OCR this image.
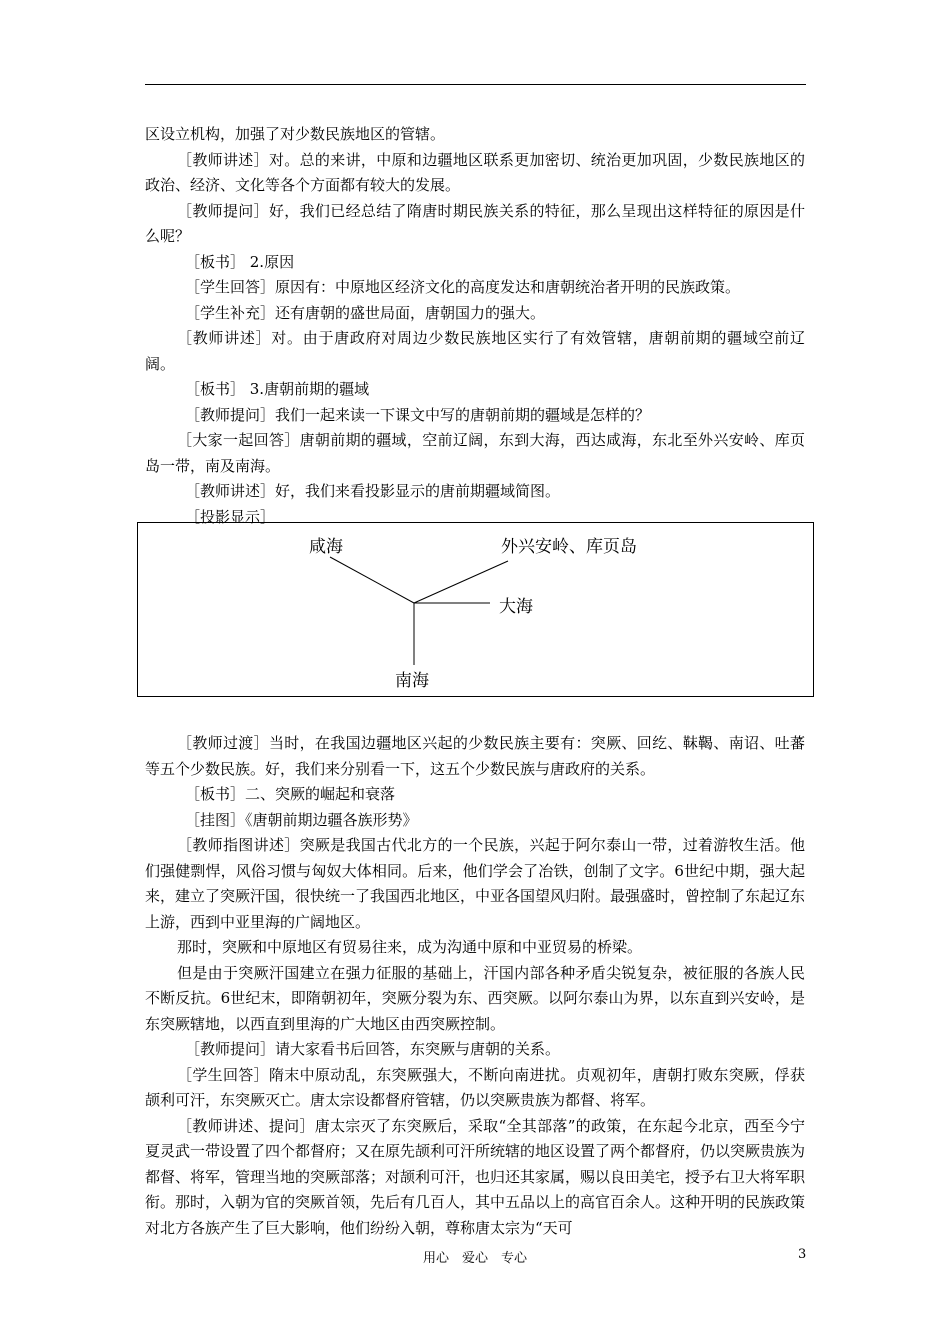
区设立机构，加强了对少数民族地区的管辖。

［教师讲述］对。总的来讲，中原和边疆地区联系更加密切、统治更加巩固，少数民族地区的政治、经济、文化等各个方面都有较大的发展。

［教师提问］好，我们已经总结了隋唐时期民族关系的特征，那么呈现出这样特征的原因是什么呢？

［板书］ 2.原因

［学生回答］原因有：中原地区经济文化的高度发达和唐朝统治者开明的民族政策。

［学生补充］还有唐朝的盛世局面，唐朝国力的强大。

［教师讲述］对。由于唐政府对周边少数民族地区实行了有效管辖，唐朝前期的疆域空前辽阔。

［板书］ 3.唐朝前期的疆域

［教师提问］我们一起来读一下课文中写的唐朝前期的疆域是怎样的？

［大家一起回答］唐朝前期的疆域，空前辽阔，东到大海，西达咸海，东北至外兴安岭、库页岛一带，南及南海。

［教师讲述］好，我们来看投影显示的唐前期疆域简图。

［投影显示］

［教师过渡］当时，在我国边疆地区兴起的少数民族主要有：突厥、回纥、靺鞨、南诏、吐蕃等五个少数民族。好，我们来分别看一下，这五个少数民族与唐政府的关系。

［板书］二、突厥的崛起和衰落

［挂图］《唐朝前期边疆各族形势》

［教师指图讲述］突厥是我国古代北方的一个民族，兴起于阿尔泰山一带，过着游牧生活。他们强健剽悍，风俗习惯与匈奴大体相同。后来，他们学会了冶铁，创制了文字。6世纪中期，强大起来，建立了突厥汗国，很快统一了我国西北地区，中亚各国望风归附。最强盛时，曾控制了东起辽东上游，西到中亚里海的广阔地区。

那时，突厥和中原地区有贸易往来，成为沟通中原和中亚贸易的桥梁。

但是由于突厥汗国建立在强力征服的基础上，汗国内部各种矛盾尖锐复杂，被征服的各族人民不断反抗。6世纪末，即隋朝初年，突厥分裂为东、西突厥。以阿尔泰山为界，以东直到兴安岭，是东突厥辖地，以西直到里海的广大地区由西突厥控制。

［教师提问］请大家看书后回答，东突厥与唐朝的关系。

［学生回答］隋末中原动乱，东突厥强大，不断向南进扰。贞观初年，唐朝打败东突厥，俘获颉利可汗，东突厥灭亡。唐太宗设都督府管辖，仍以突厥贵族为都督、将军。

［教师讲述、提问］唐太宗灭了东突厥后，采取“全其部落”的政策，在东起今北京，西至今宁夏灵武一带设置了四个都督府；又在原先颉利可汗所统辖的地区设置了两个都督府，仍以突厥贵族为都督、将军，管理当地的突厥部落；对颉利可汗，也归还其家属，赐以良田美宅，授予右卫大将军职衔。那时，入朝为官的突厥首领，先后有几百人，其中五品以上的高官百余人。这种开明的民族政策对北方各族产生了巨大影响，他们纷纷入朝，尊称唐太宗为“天可

咸海	外兴安岭、库页岛
大海
南海
用心　爱心　专心	3
